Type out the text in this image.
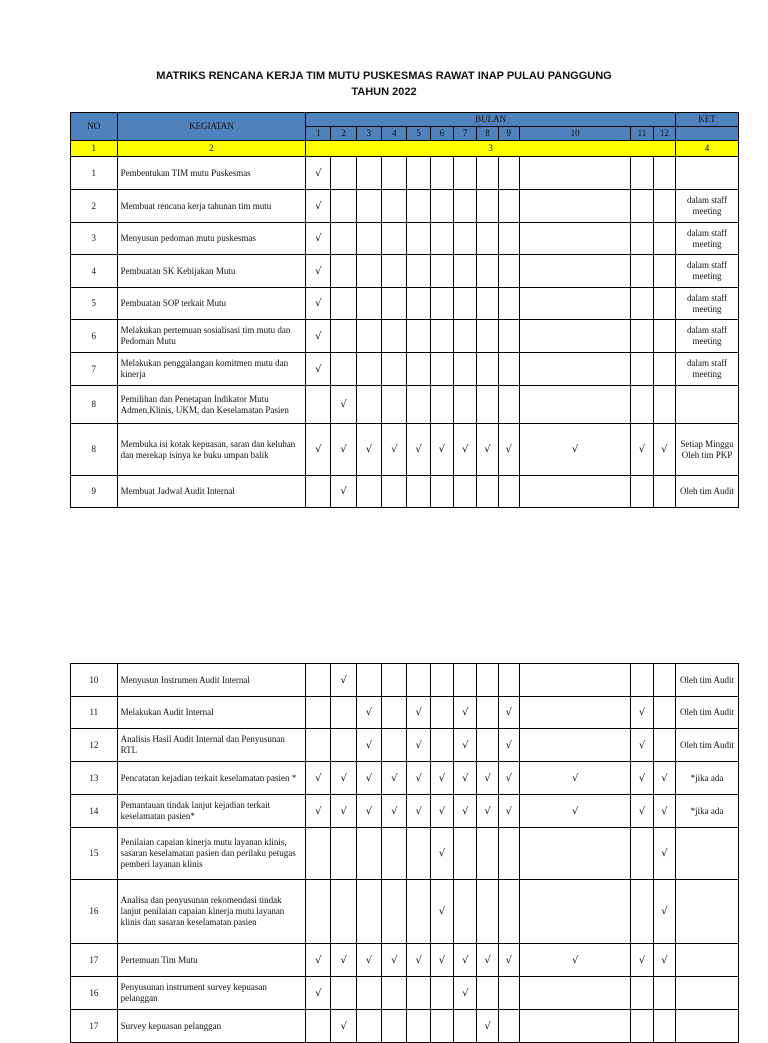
MATRIKS RENCANA KERJA TIM MUTU PUSKESMAS RAWAT INAP PULAU PANGGUNG
TAHUN 2022
NO	KEGIATAN	BULAN												KET
		1	2	3	4	5	6	7	8	9	10	11	12	
1	2	3												4
1	Pembentukan TIM mutu Puskesmas	√												
2	Membuat rencana kerja tahunan tim mutu	√												dalam staff meeting
3	Menyusun pedoman mutu puskesmas	√												dalam staff meeting
4	Pembuatan SK Kebijakan Mutu	√												dalam staff meeting
5	Pembuatan SOP terkait Mutu	√												dalam staff meeting
6	Melakukan pertemuan sosialisasi tim mutu dan Pedoman Mutu	√												dalam staff meeting
7	Melakukan penggalangan komitmen mutu dan kinerja	√												dalam staff meeting
8	Pemilihan dan Penetapan Indikator Mutu Admen,Klinis, UKM, dan Keselamatan Pasien		√											
8	Membuka isi kotak kepuasan, saran dan keluhan dan merekap isinya ke buku umpan balik	√	√	√	√	√	√	√	√	√	√	√	√	Setiap Minggu Oleh tim PKP
9	Membuat Jadwal Audit Internal		√											Oleh tim Audit
10	Menyusun Instrumen Audit Internal		√											Oleh tim Audit
11	Melakukan Audit Internal			√		√		√		√		√		Oleh tim Audit
12	Analisis Hasil Audit Internal dan Penyusunan RTL			√		√		√		√		√		Oleh tim Audit
13	Pencatatan kejadian terkait keselamatan pasien *	√	√	√	√	√	√	√	√	√	√	√	√	*jika ada
14	Pemantauan tindak lanjut kejadian terkait keselamatan pasien*	√	√	√	√	√	√	√	√	√	√	√	√	*jika ada
15	Penilaian capaian kinerja mutu layanan klinis, sasaran keselamatan pasien dan perilaku petugas pemberi layanan klinis						√						√	
16	Analisa dan penyusunan rekomendasi tindak lanjut penilaian capaian kinerja mutu layanan klinis dan sasaran keselamatan pasien						√						√	
17	Pertemuan Tim Mutu	√	√	√	√	√	√	√	√	√	√	√	√	
16	Penyusunan instrument survey kepuasan pelanggan	√						√						
17	Survey kepuasan pelanggan		√						√					
